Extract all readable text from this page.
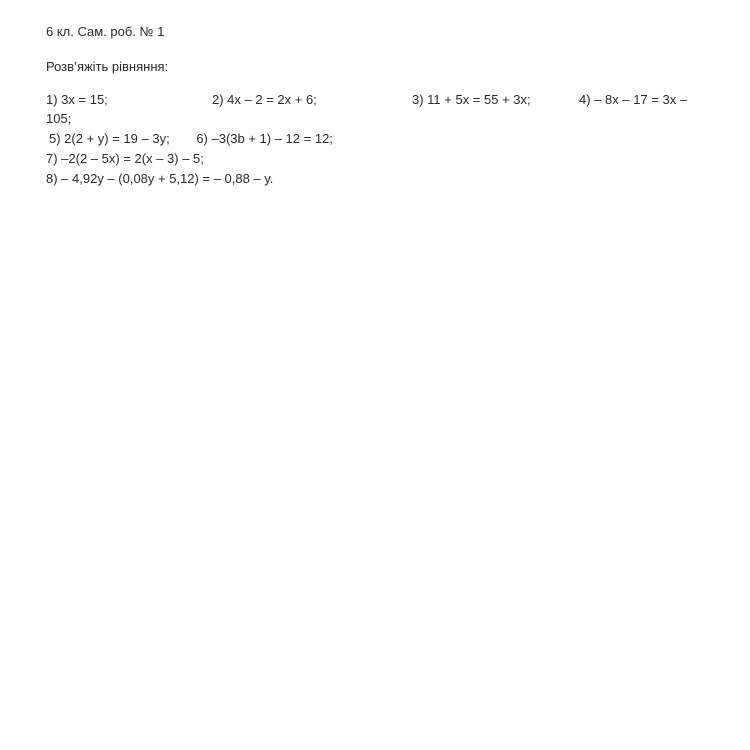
6 кл. Сам. роб. № 1
Розв’яжіть рівняння:
1) 3x = 15;	2) 4x – 2 = 2x + 6;	3) 11 + 5x = 55 + 3x;	4) – 8x – 17 = 3x –
105;
5) 2(2 + y) = 19 – 3y; 6) –3(3b + 1) – 12 = 12;
7) –2(2 – 5x) = 2(x – 3) – 5;
8) – 4,92y – (0,08y + 5,12) = – 0,88 – y.
